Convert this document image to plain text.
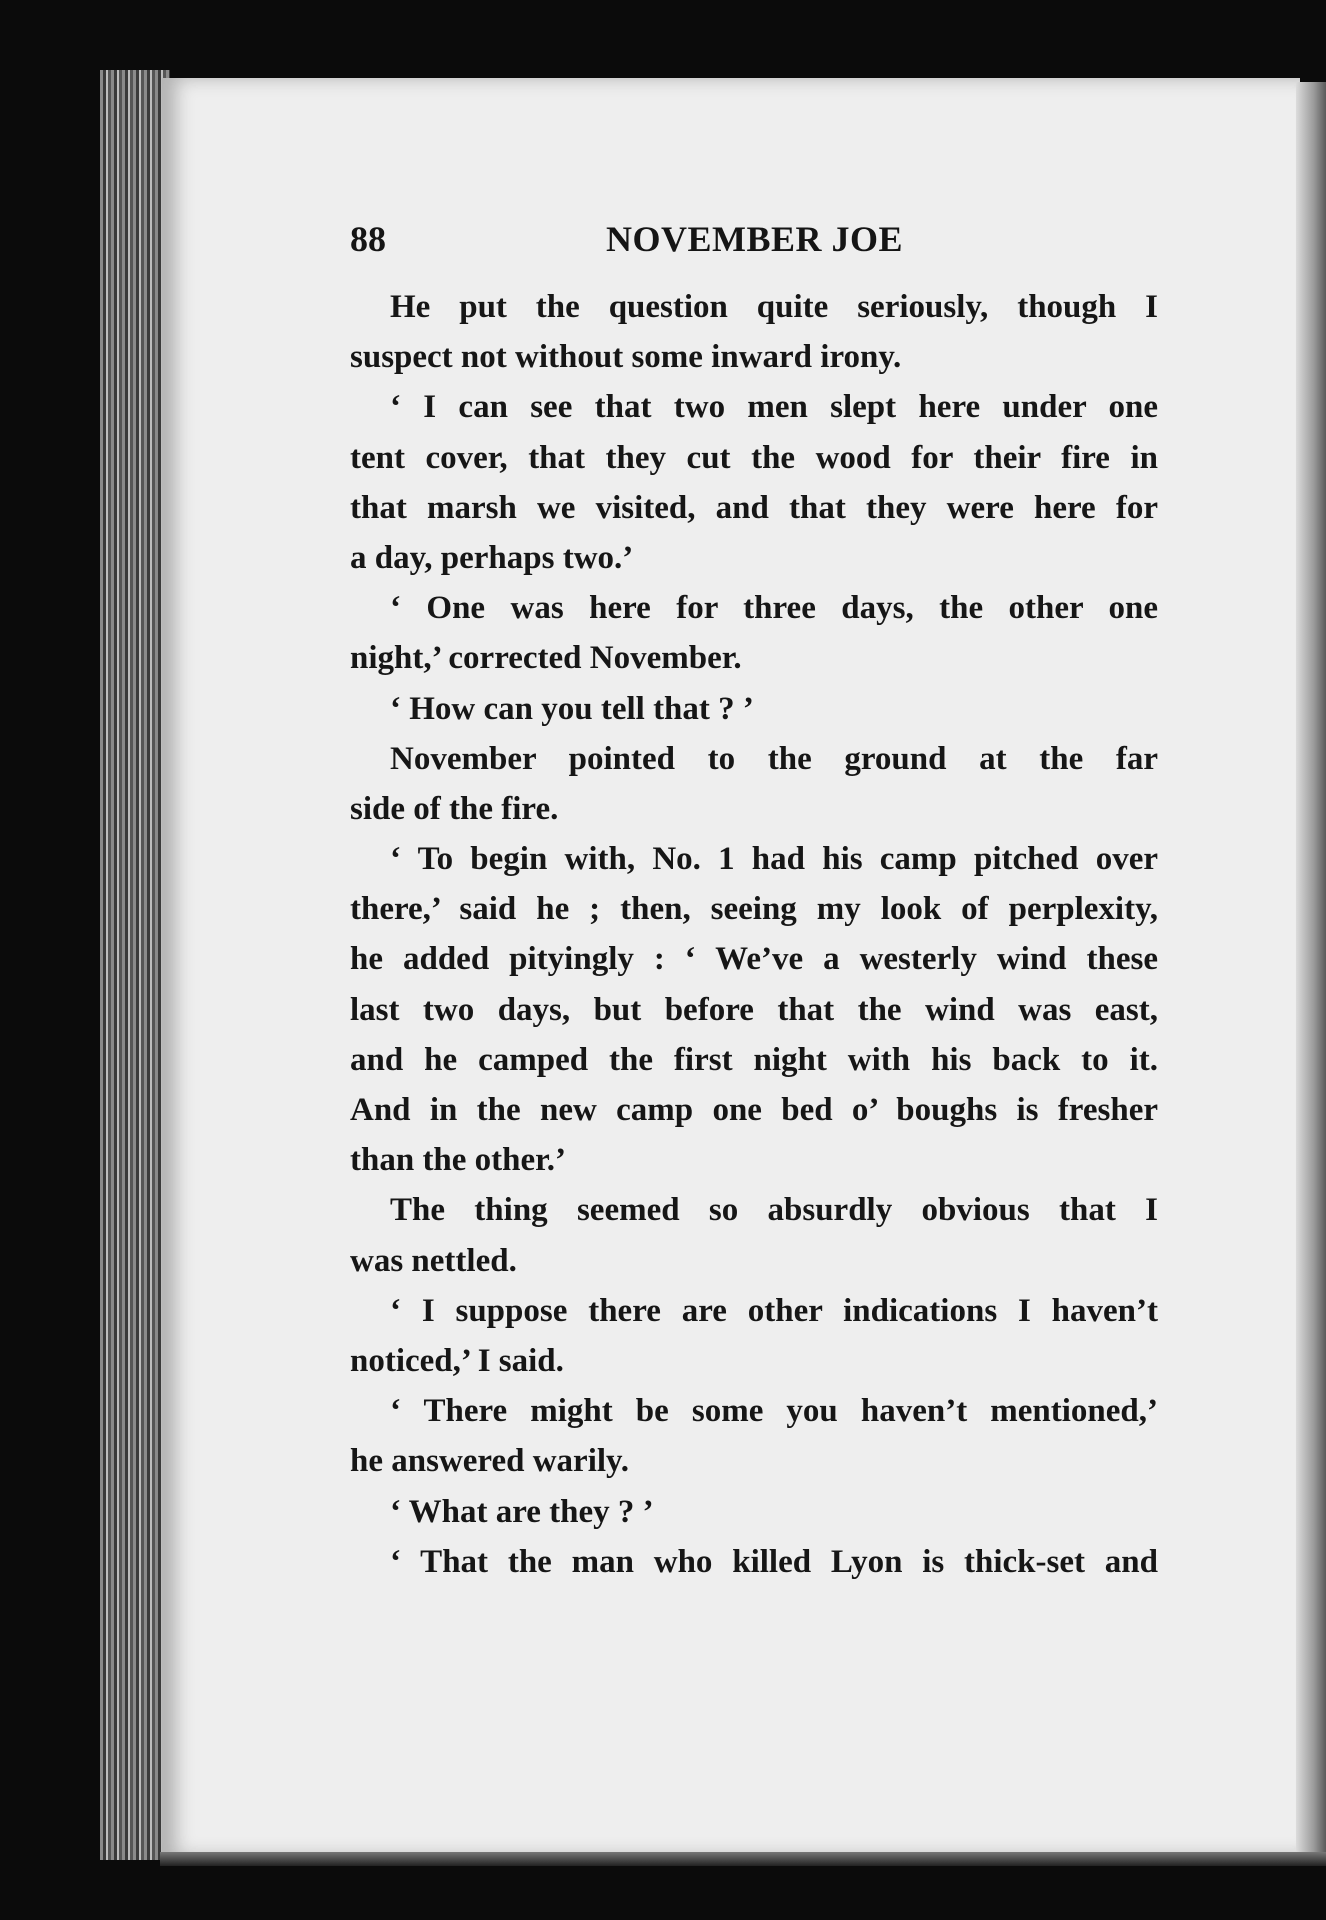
88	NOVEMBER JOE
He put the question quite seriously, though I
suspect not without some inward irony.
‘ I can see that two men slept here under one
tent cover, that they cut the wood for their fire in
that marsh we visited, and that they were here for
a day, perhaps two.’
‘ One was here for three days, the other one
night,’ corrected November.
‘ How can you tell that ? ’
November pointed to the ground at the far
side of the fire.
‘ To begin with, No. 1 had his camp pitched over
there,’ said he ; then, seeing my look of perplexity,
he added pityingly : ‘ We’ve a westerly wind these
last two days, but before that the wind was east,
and he camped the first night with his back to it.
And in the new camp one bed o’ boughs is fresher
than the other.’
The thing seemed so absurdly obvious that I
was nettled.
‘ I suppose there are other indications I haven’t
noticed,’ I said.
‘ There might be some you haven’t mentioned,’
he answered warily.
‘ What are they ? ’
‘ That the man who killed Lyon is thick-set and
